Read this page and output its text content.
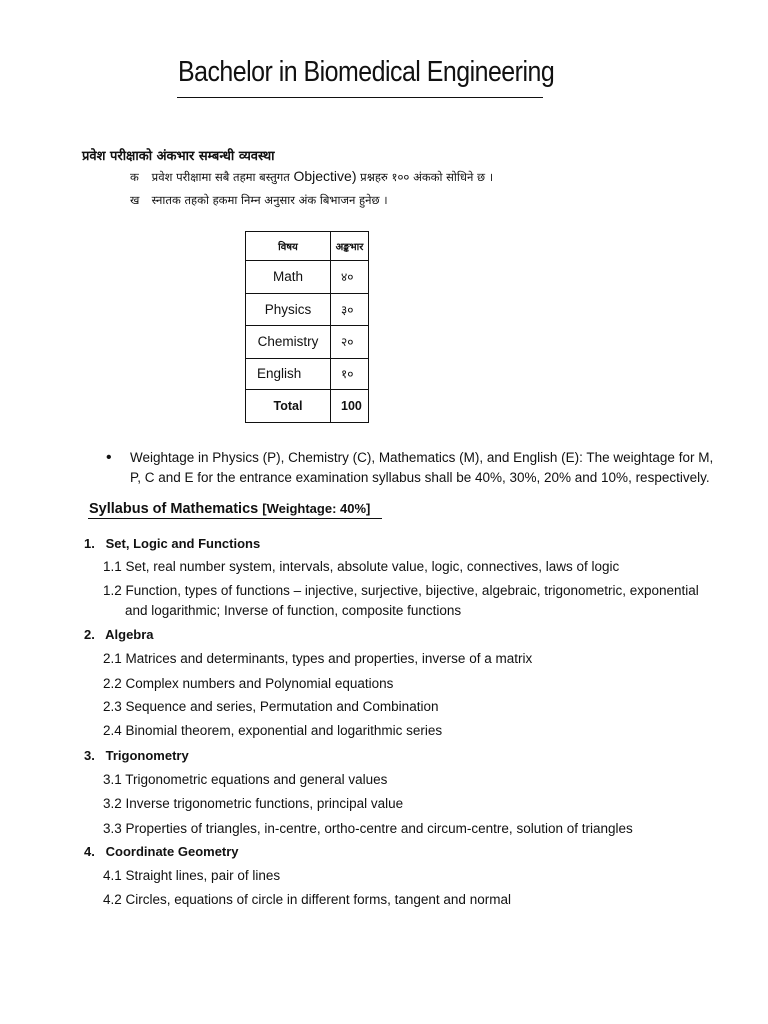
Bachelor in Biomedical Engineering
प्रवेश परीक्षाको अंकभार सम्बन्धी व्यवस्था
क प्रवेश परीक्षामा सबै तहमा बस्तुगत Objective) प्रश्नहरु १०० अंकको सोधिने छ ।
ख स्नातक तहको हकमा निम्न अनुसार अंक बिभाजन हुनेछ ।
विषय	अङ्कभार
Math	४०
Physics	३०
Chemistry	२०
English	१०
Total	100
• Weightage in Physics (P), Chemistry (C), Mathematics (M), and English (E): The weightage for M,
P, C and E for the entrance examination syllabus shall be 40%, 30%, 20% and 10%, respectively.
Syllabus of Mathematics [Weightage: 40%]
1. Set, Logic and Functions
1.1 Set, real number system, intervals, absolute value, logic, connectives, laws of logic
1.2 Function, types of functions – injective, surjective, bijective, algebraic, trigonometric, exponential
and logarithmic; Inverse of function, composite functions
2. Algebra
2.1 Matrices and determinants, types and properties, inverse of a matrix
2.2 Complex numbers and Polynomial equations
2.3 Sequence and series, Permutation and Combination
2.4 Binomial theorem, exponential and logarithmic series
3. Trigonometry
3.1 Trigonometric equations and general values
3.2 Inverse trigonometric functions, principal value
3.3 Properties of triangles, in-centre, ortho-centre and circum-centre, solution of triangles
4. Coordinate Geometry
4.1 Straight lines, pair of lines
4.2 Circles, equations of circle in different forms, tangent and normal
